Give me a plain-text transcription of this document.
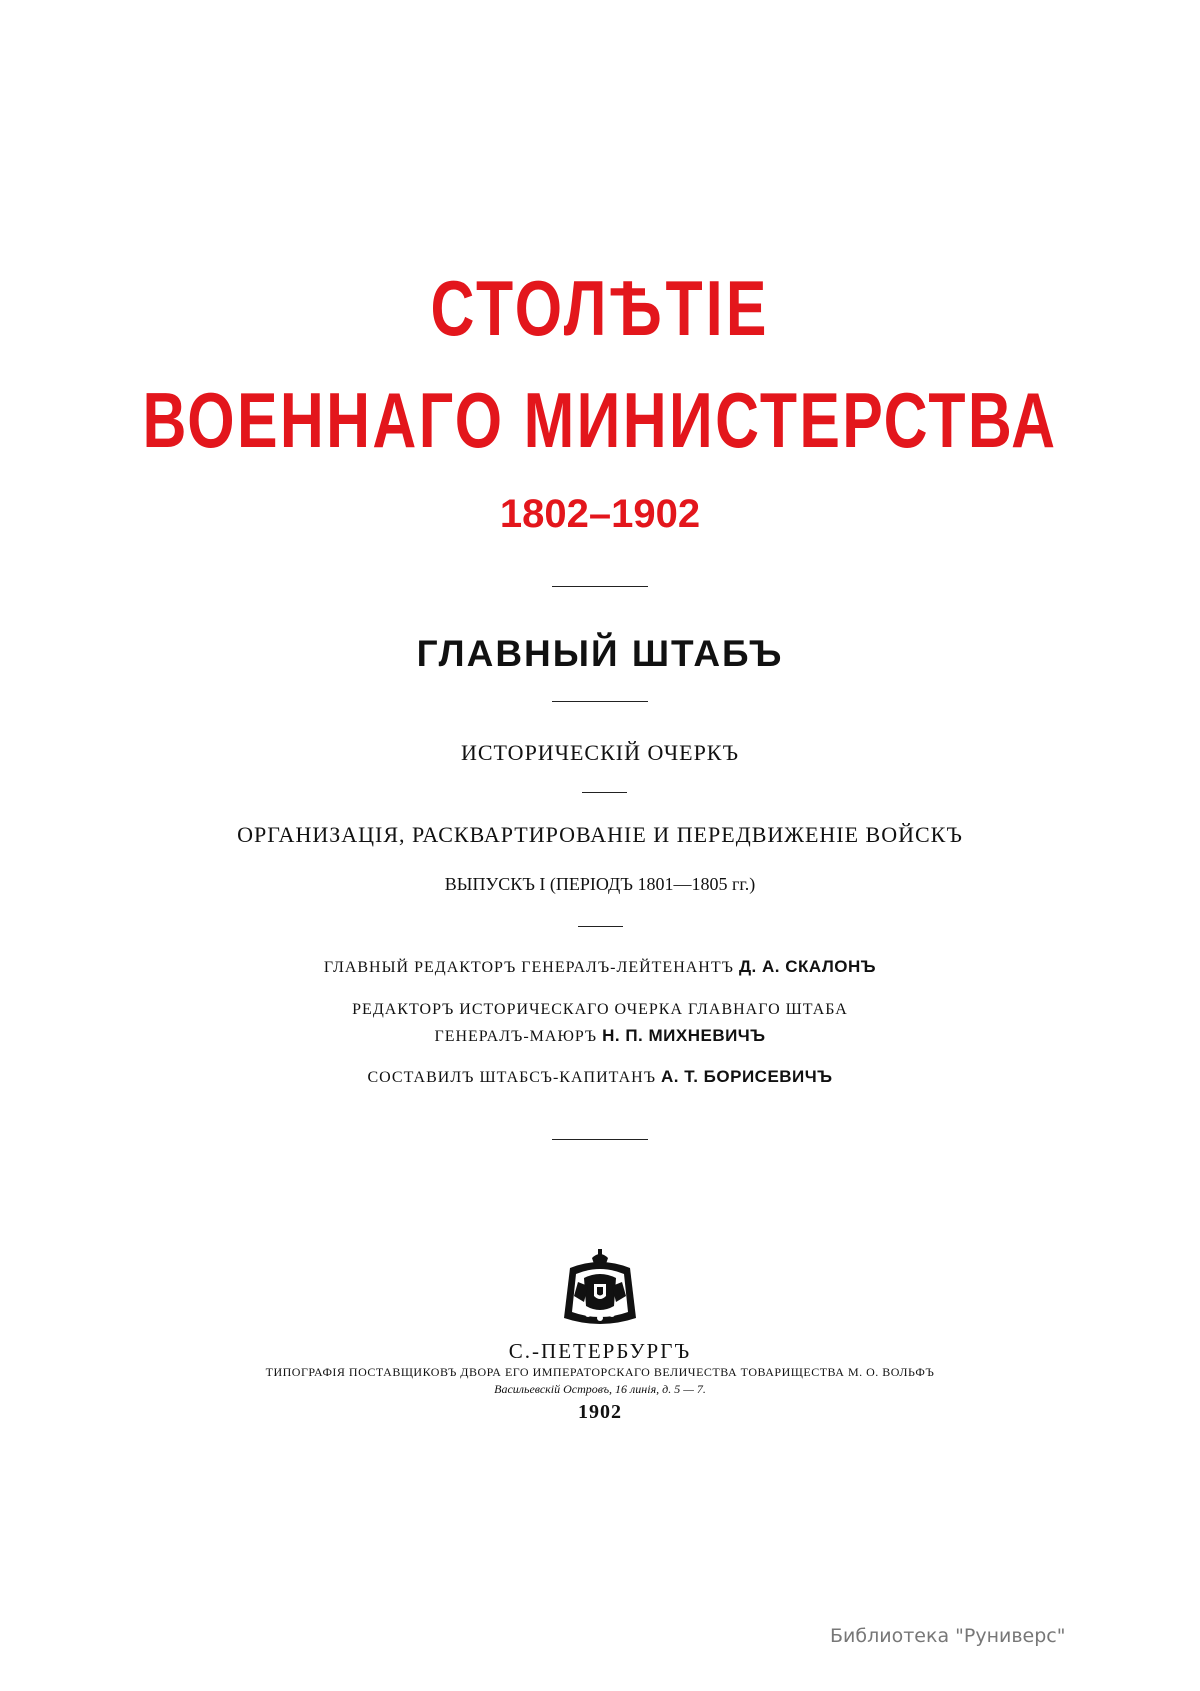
СТОЛѢТІЕ
ВОЕННАГО МИНИСТЕРСТВА
1802–1902
ГЛАВНЫЙ ШТАБЪ
ИСТОРИЧЕСКІЙ ОЧЕРКЪ
ОРГАНИЗАЦІЯ, РАСКВАРТИРОВАНІЕ И ПЕРЕДВИЖЕНІЕ ВОЙСКЪ
ВЫПУСКЪ I (ПЕРІОДЪ 1801—1805 гг.)
ГЛАВНЫЙ РЕДАКТОРЪ ГЕНЕРАЛЪ-ЛЕЙТЕНАНТЪ Д. А. СКАЛОНЪ
РЕДАКТОРЪ ИСТОРИЧЕСКАГО ОЧЕРКА ГЛАВНАГО ШТАБА
ГЕНЕРАЛЪ-МАЮРЪ Н. П. МИХНЕВИЧЪ
СОСТАВИЛЪ ШТАБСЪ-КАПИТАНЪ А. Т. БОРИСЕВИЧЪ
С.-ПЕТЕРБУРГЪ
ТИПОГРАФІЯ ПОСТАВЩИКОВЪ ДВОРА ЕГО ИМПЕРАТОРСКАГО ВЕЛИЧЕСТВА ТОВАРИЩЕСТВА М. О. ВОЛЬФЪ
Васильевскій Островъ, 16 линія, д. 5 — 7.
1902
Библиотека "Руниверс"
